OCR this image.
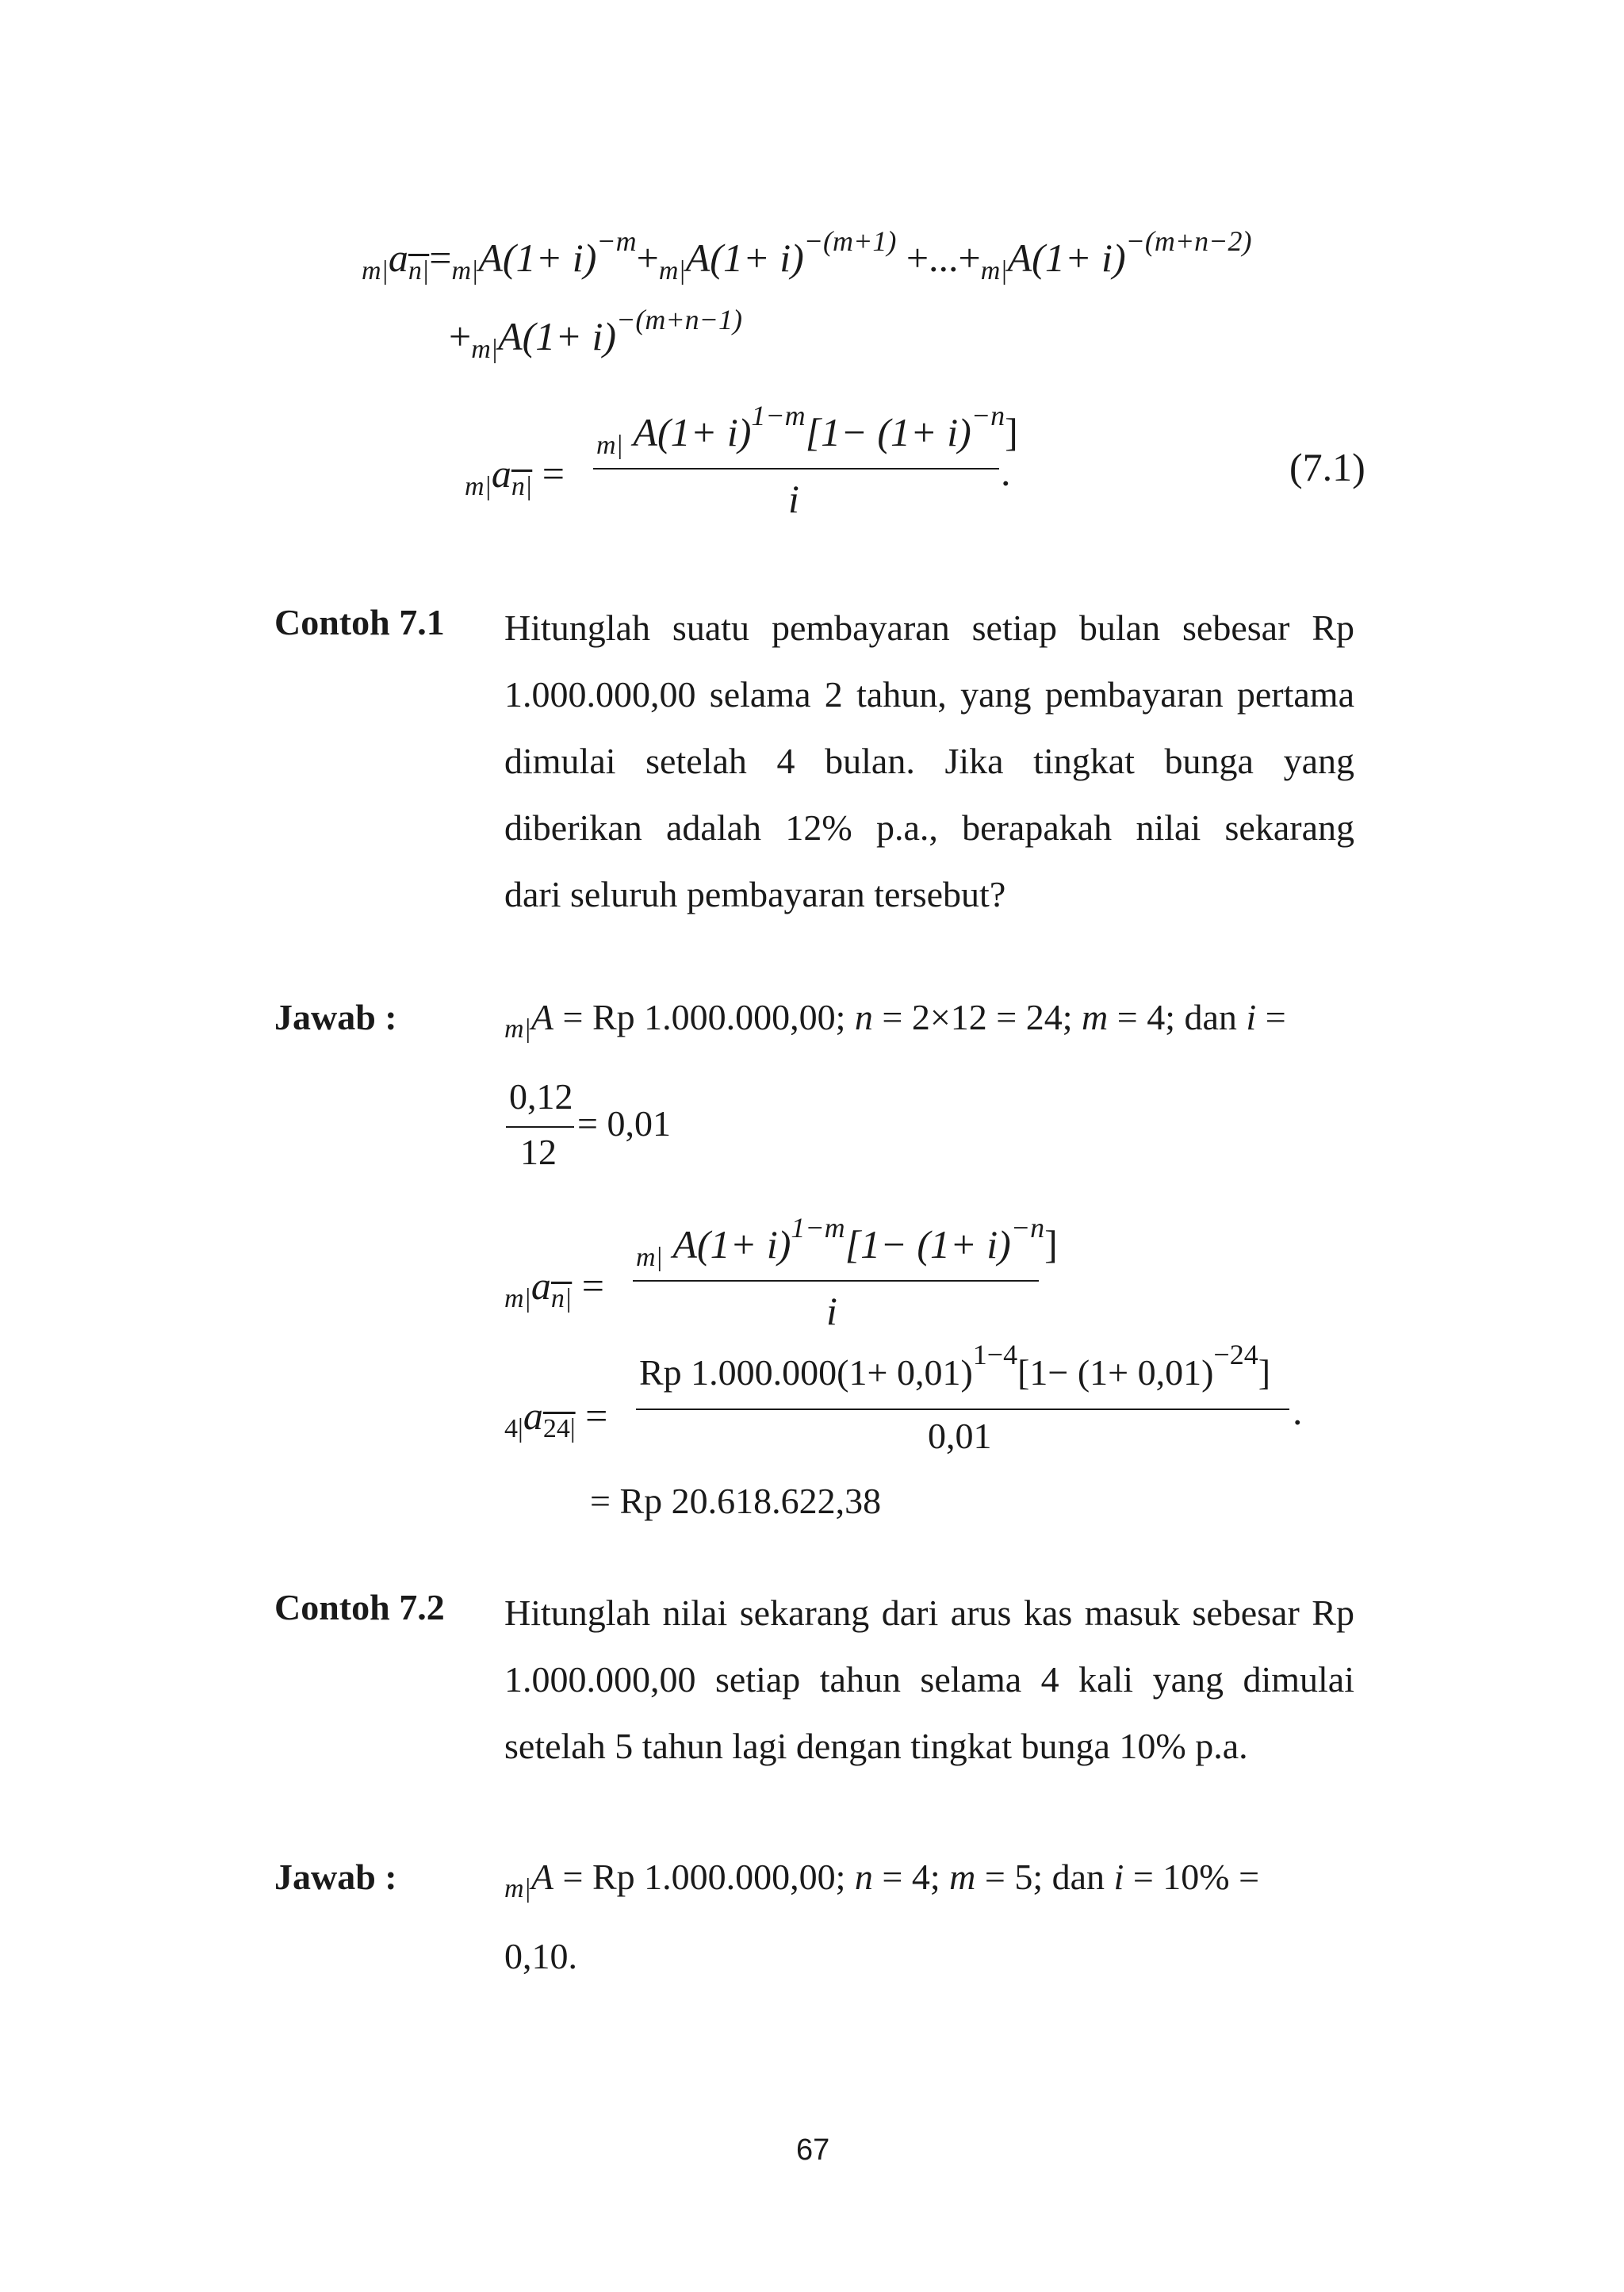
$_{m|}a_{n|}=_{m|}A(1+ i)^{-m}+_{m|}A(1+ i)^{-(m+1)} +...+_{m|}A(1+ i)^{-(m+n-2)}$
$+_{m|}A(1+ i)^{-(m+n-1)}$
$_{m|}a_{n|}$ =
$_{m|}$ $A(1+ i)^{1-m}[1- (1+ i)^{-n}]$
i
.	(7.1)
Contoh 7.1 Hitunglah suatu pembayaran setiap bulan sebesar Rp
1.000.000,00 selama 2 tahun, yang pembayaran pertama
dimulai setelah 4 bulan. Jika tingkat bunga yang
diberikan adalah 12% p.a., berapakah nilai sekarang
dari seluruh pembayaran tersebut?
Jawab :	$_{m|}$A = Rp 1.000.000,00; n = 2×12 = 24; m = 4; dan i =
0,12
12
= 0,01
$_{m|}a_{n|}$ =
$_{m|}$ $A(1+ i)^{1-m}[1- (1+ i)^{-n}]$
i
$_{4|}a_{24|}$ =
Rp $1.000.000(1+ 0,01)^{1-4}[1- (1+ 0,01)^{-24}]$
0,01
.
= Rp 20.618.622,38
Contoh 7.2 Hitunglah nilai sekarang dari arus kas masuk sebesar Rp
1.000.000,00 setiap tahun selama 4 kali yang dimulai
setelah 5 tahun lagi dengan tingkat bunga 10% p.a.
Jawab :	$_{m|}$A = Rp 1.000.000,00; n = 4; m = 5; dan i = 10% =
0,10.
67
